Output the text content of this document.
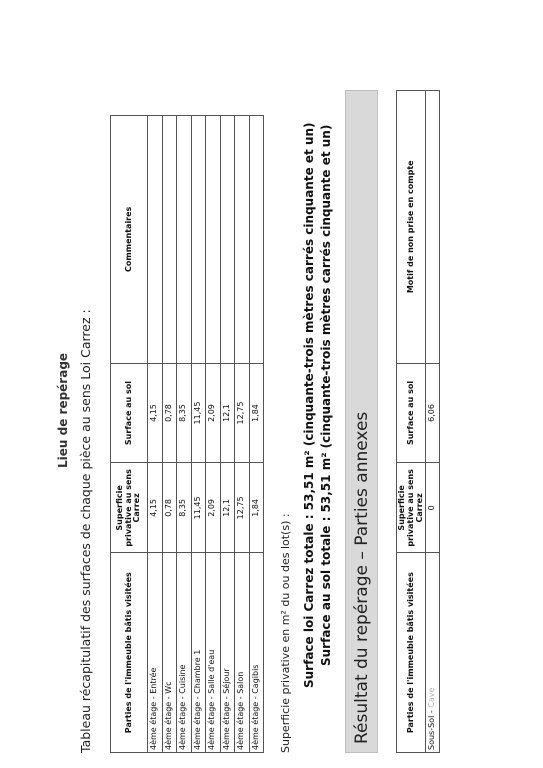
Lieu de repérage Tableau récapitulatif des surfaces de chaque pièce au sens Loi Carrez :	Parties de l'immeuble bâtis visitées	Superficie privative au sens Carrez	Surface au sol	Commentaires
4ème étage - Entrée	4,15	4,15	
4ème étage - Wc	0,78	0,78	
4ème étage - Cuisine	8,35	8,35	
4ème étage - Chambre 1	11,45	11,45	
4ème étage - Salle d'eau	2,09	2,09	
4ème étage - Séjour	12,1	12,1	
4ème étage - Salon	12,75	12,75	
4ème étage - Cagibis	1,84	1,84	
Superficie privative en m² du ou des lot(s) : Surface loi Carrez totale : 53,51 m² (cinquante-trois mètres carrés cinquante et un) Surface au sol totale : 53,51 m² (cinquante-trois mètres carrés cinquante et un) Résultat du repérage – Parties annexes	Parties de l'immeuble bâtis visitées	Superficie privative au sens Carrez	Surface au sol	Motif de non prise en compte
Sous-Sol - Cave	0	6,06	
